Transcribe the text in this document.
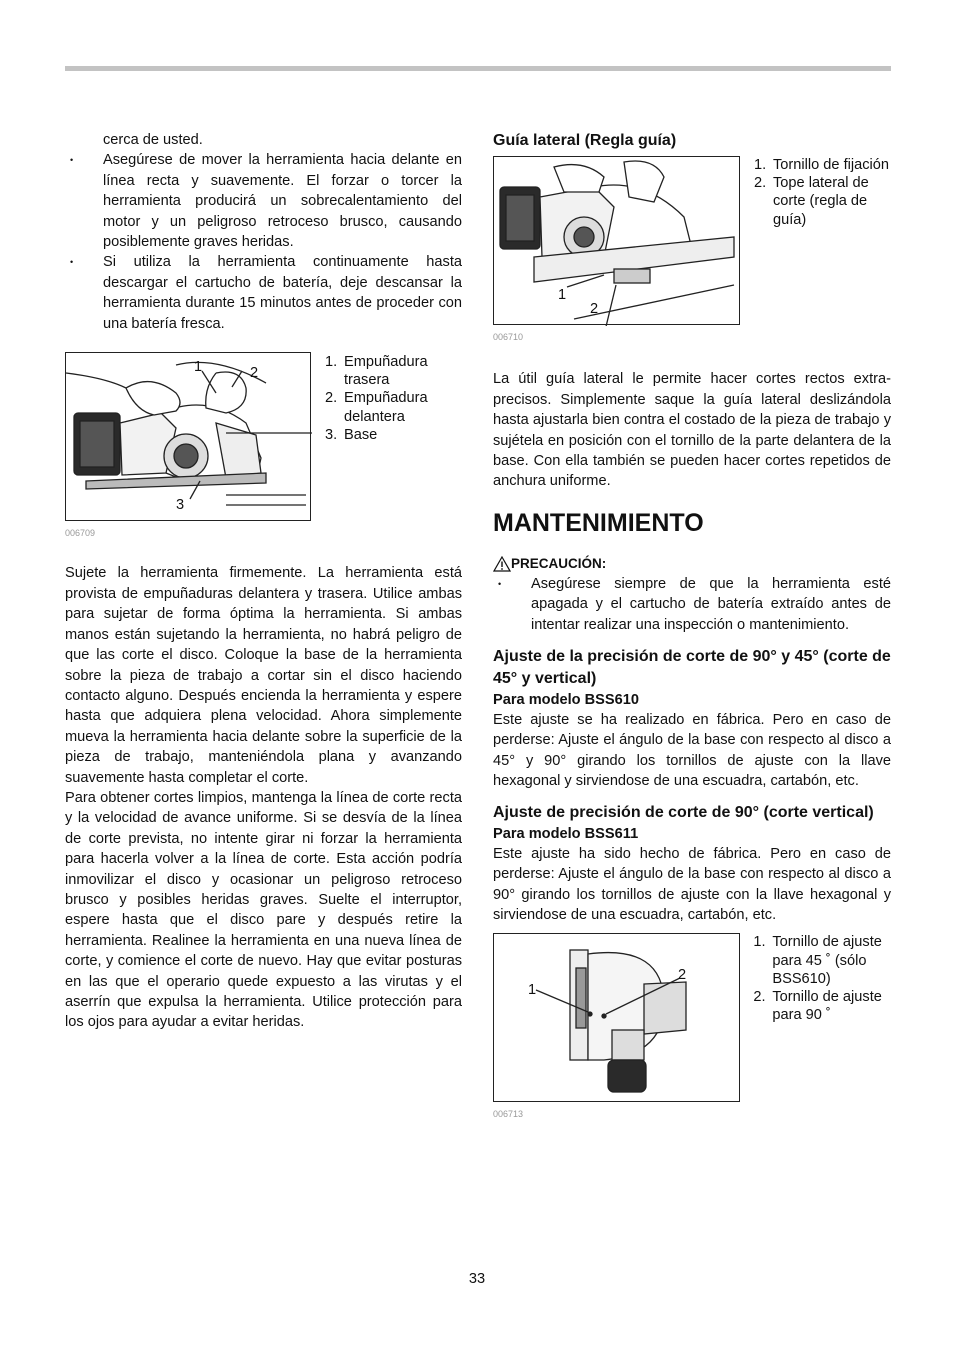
cerca de usted.

• Asegúrese de mover la herramienta hacia delante en línea recta y suavemente. El forzar o torcer la herramienta producirá un sobrecalentamiento del motor y un peligroso retroceso brusco, causando posiblemente graves heridas.

• Si utiliza la herramienta continuamente hasta descargar el cartucho de batería, deje descansar la herramienta durante 15 minutos antes de proceder con una batería fresca.

1	2
3
1. Empuñadura trasera
2. Empuñadura delantera
3. Base
006709

Sujete la herramienta firmemente. La herramienta está provista de empuñaduras delantera y trasera. Utilice ambas para sujetar de forma óptima la herramienta. Si ambas manos están sujetando la herramienta, no habrá peligro de que las corte el disco. Coloque la base de la herramienta sobre la pieza de trabajo a cortar sin el disco haciendo contacto alguno. Después encienda la herramienta y espere hasta que adquiera plena velocidad. Ahora simplemente mueva la herramienta hacia delante sobre la superficie de la pieza de trabajo, manteniéndola plana y avanzando suavemente hasta completar el corte.

Para obtener cortes limpios, mantenga la línea de corte recta y la velocidad de avance uniforme. Si se desvía de la línea de corte prevista, no intente girar ni forzar la herramienta para hacerla volver a la línea de corte. Esta acción podría inmovilizar el disco y ocasionar un peligroso retroceso brusco y posibles heridas graves. Suelte el interruptor, espere hasta que el disco pare y después retire la herramienta. Realinee la herramienta en una nueva línea de corte, y comience el corte de nuevo. Hay que evitar posturas en las que el operario quede expuesto a las virutas y el aserrín que expulsa la herramienta. Utilice protección para los ojos para ayudar a evitar heridas.

Guía lateral (Regla guía)

1
2
1. Tornillo de fijación
2. Tope lateral de corte (regla de guía)
006710

La útil guía lateral le permite hacer cortes rectos extra-precisos. Simplemente saque la guía lateral deslizándola hasta ajustarla bien contra el costado de la pieza de trabajo y sujétela en posición con el tornillo de la parte delantera de la base. Con ella también se pueden hacer cortes repetidos de anchura uniforme.

MANTENIMIENTO

PRECAUCIÓN:

• Asegúrese siempre de que la herramienta esté apagada y el cartucho de batería extraído antes de intentar realizar una inspección o mantenimiento.

Ajuste de la precisión de corte de 90° y 45° (corte de 45° y vertical)

Para modelo BSS610

Este ajuste se ha realizado en fábrica. Pero en caso de perderse: Ajuste el ángulo de la base con respecto al disco a 45° y 90° girando los tornillos de ajuste con la llave hexagonal y sirviendose de una escuadra, cartabón, etc.

Ajuste de precisión de corte de 90° (corte vertical)

Para modelo BSS611

Este ajuste ha sido hecho de fábrica. Pero en caso de perderse: Ajuste el ángulo de la base con respecto al disco a 90° girando los tornillos de ajuste con la llave hexagonal y sirviendose de una escuadra, cartabón, etc.

1
2
1. Tornillo de ajuste para 45 ˚ (sólo BSS610)
2. Tornillo de ajuste para 90 ˚
006713
33
